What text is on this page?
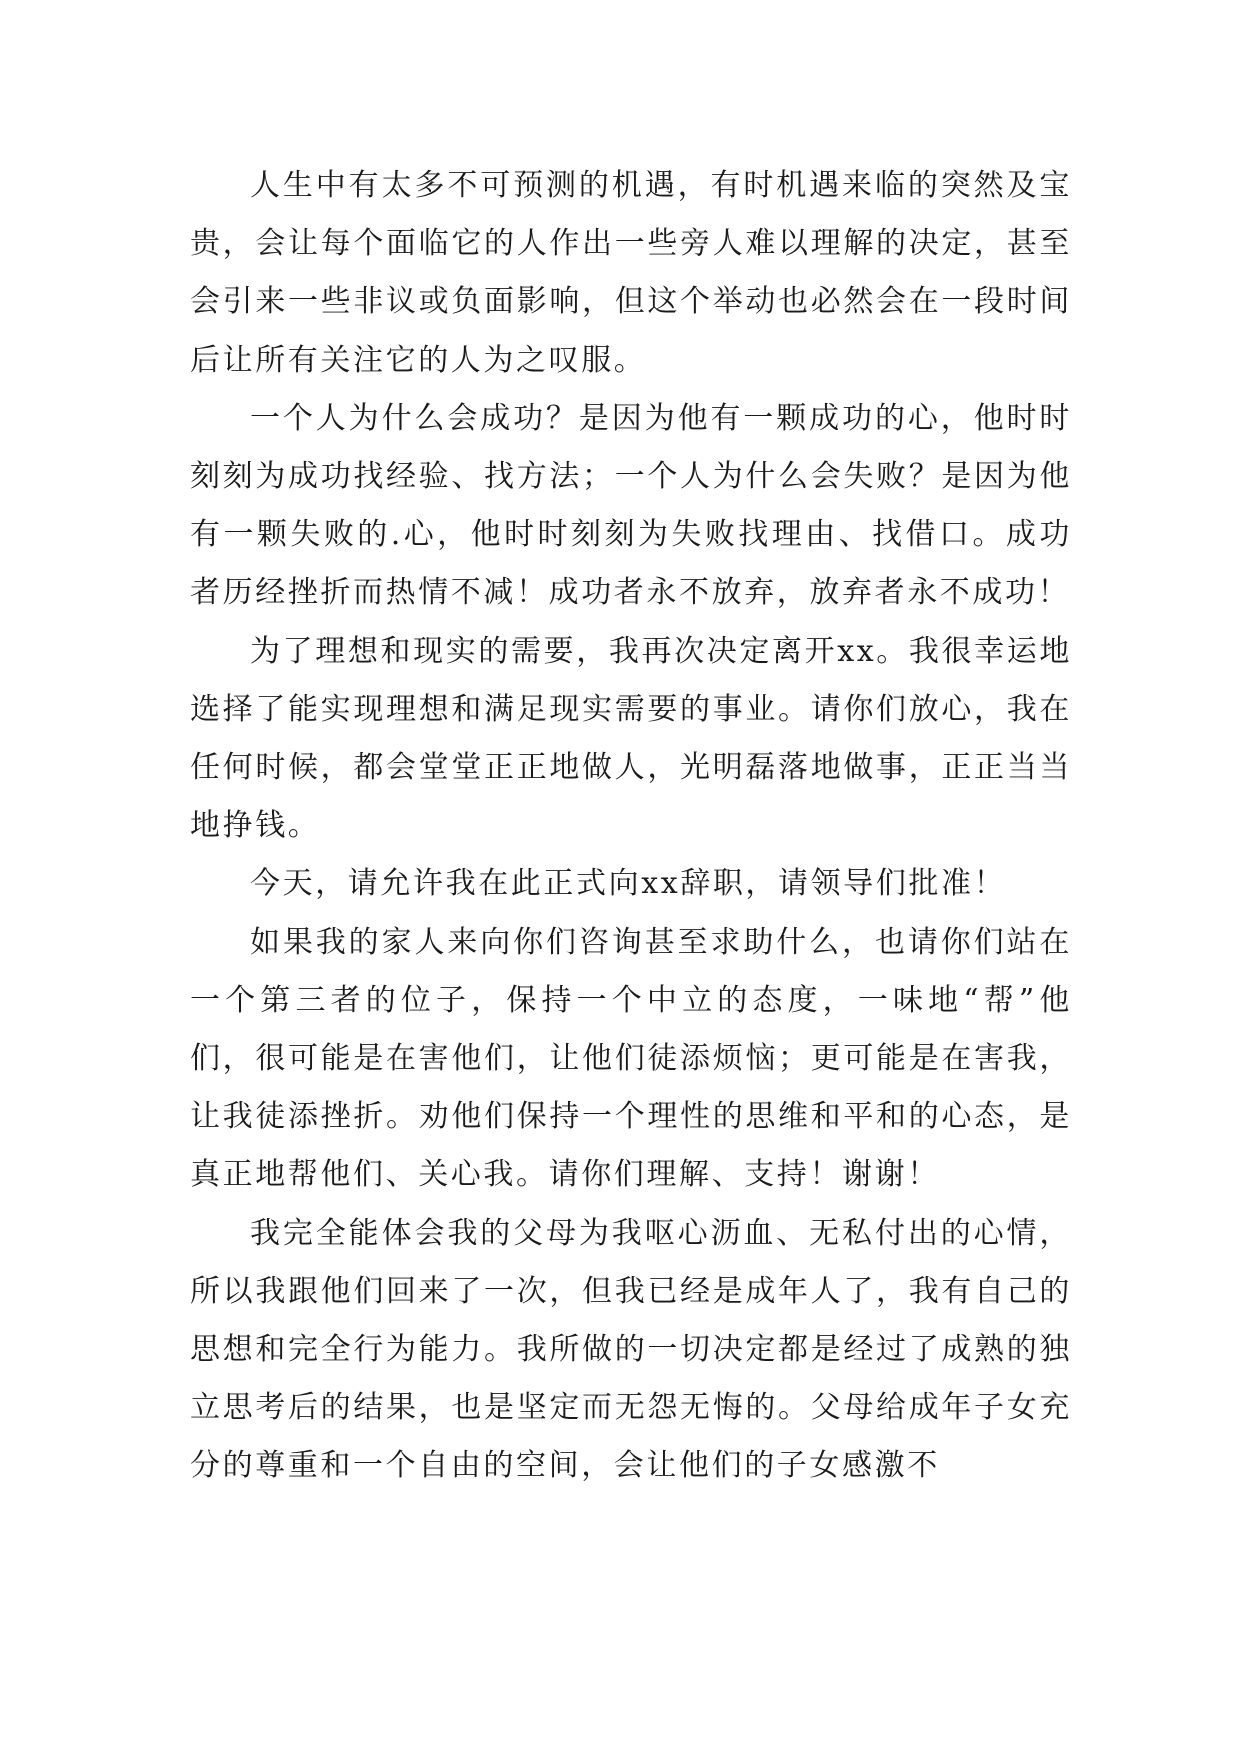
人生中有太多不可预测的机遇，有时机遇来临的突然及宝贵，会让每个面临它的人作出一些旁人难以理解的决定，甚至会引来一些非议或负面影响，但这个举动也必然会在一段时间后让所有关注它的人为之叹服。

一个人为什么会成功？是因为他有一颗成功的心，他时时刻刻为成功找经验、找方法；一个人为什么会失败？是因为他有一颗失败的.心，他时时刻刻为失败找理由、找借口。成功者历经挫折而热情不减！成功者永不放弃，放弃者永不成功！

为了理想和现实的需要，我再次决定离开xx。我很幸运地选择了能实现理想和满足现实需要的事业。请你们放心，我在任何时候，都会堂堂正正地做人，光明磊落地做事，正正当当地挣钱。

今天，请允许我在此正式向xx辞职，请领导们批准！

如果我的家人来向你们咨询甚至求助什么，也请你们站在一个第三者的位子，保持一个中立的态度，一味地“帮”他们，很可能是在害他们，让他们徒添烦恼；更可能是在害我，让我徒添挫折。劝他们保持一个理性的思维和平和的心态，是真正地帮他们、关心我。请你们理解、支持！谢谢！

我完全能体会我的父母为我呕心沥血、无私付出的心情，所以我跟他们回来了一次，但我已经是成年人了，我有自己的思想和完全行为能力。我所做的一切决定都是经过了成熟的独立思考后的结果，也是坚定而无怨无悔的。父母给成年子女充分的尊重和一个自由的空间，会让他们的子女感激不
